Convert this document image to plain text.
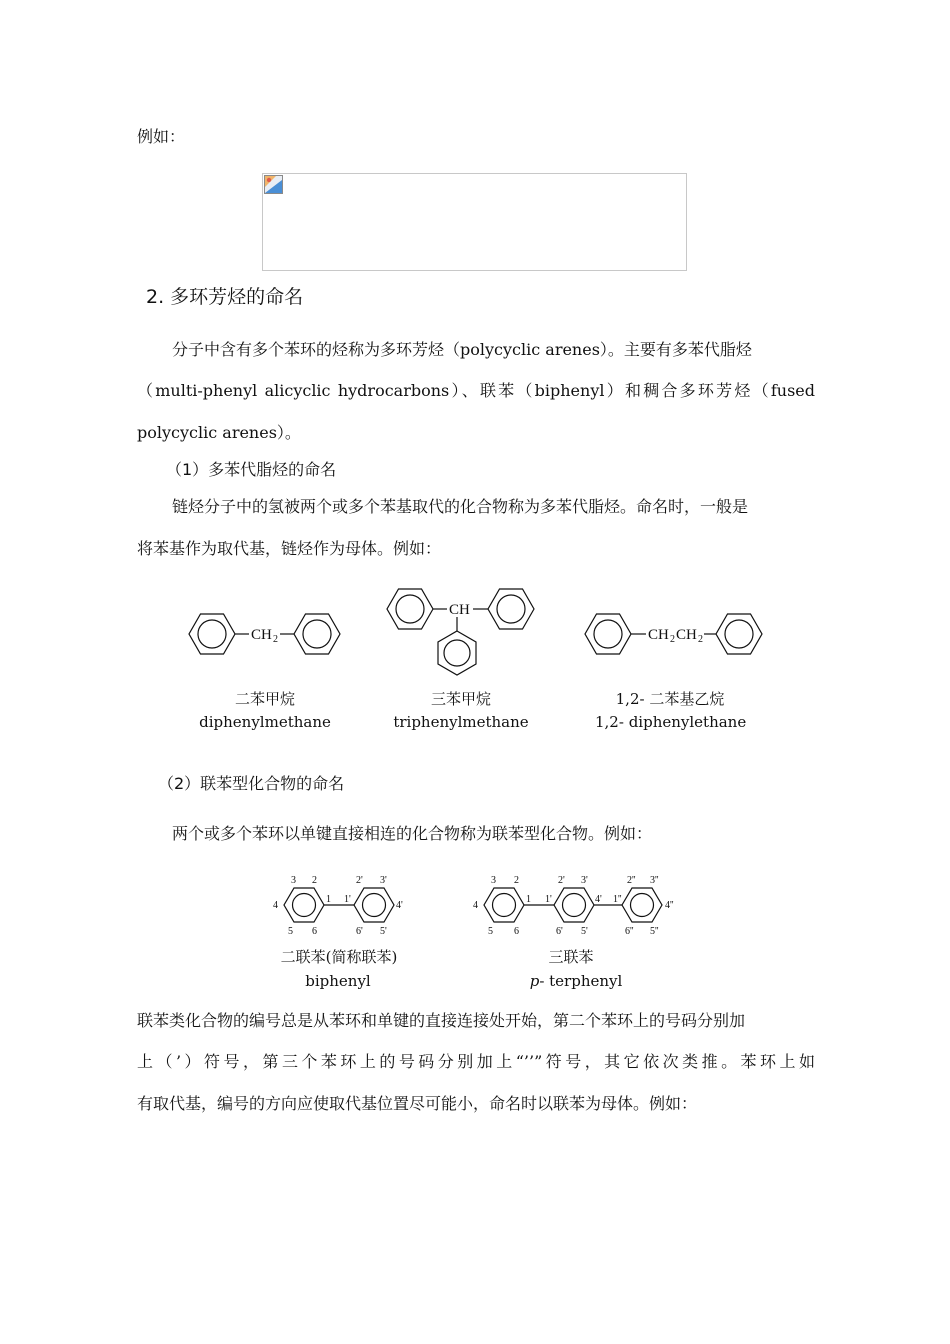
例如：
2. 多环芳烃的命名
分子中含有多个苯环的烃称为多环芳烃（polycyclic arenes）。主要有多苯代脂烃
（multi-phenyl alicyclic hydrocarbons）、联苯（biphenyl）和稠合多环芳烃（fused
polycyclic arenes）。
（1）多苯代脂烃的命名
链烃分子中的氢被两个或多个苯基取代的化合物称为多苯代脂烃。命名时，一般是
将苯基作为取代基，链烃作为母体。例如：
CH 2
二苯甲烷
diphenylmethane
CH
三苯甲烷
triphenylmethane
CH 2 CH 2
1,2- 二苯基乙烷
1,2- diphenylethane
（2）联苯型化合物的命名
两个或多个苯环以单键直接相连的化合物称为联苯型化合物。例如：
3 2
1
4
5 6
2' 3'
1'
4'
6' 5'
二联苯(简称联苯)
biphenyl
3 2
1
4
5 6
2' 3'
1'	4'
6' 5'
2'' 3''
1''
4''
6'' 5''
三联苯
p- terphenyl
联苯类化合物的编号总是从苯环和单键的直接连接处开始，第二个苯环上的号码分别加
上（’）符号，第三个苯环上的号码分别加上“’’”符号，其它依次类推。苯环上如
有取代基，编号的方向应使取代基位置尽可能小，命名时以联苯为母体。例如：
